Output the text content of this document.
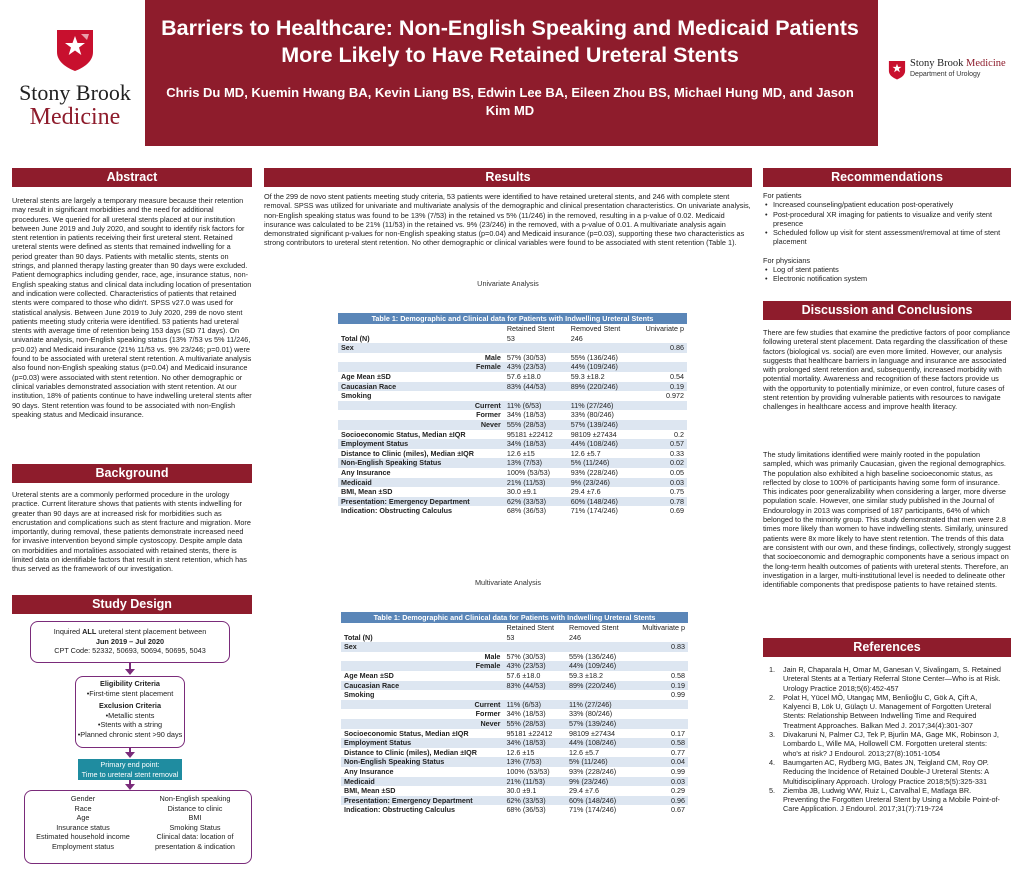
Stony Brook
Medicine
Barriers to Healthcare: Non-English Speaking and Medicaid Patients More Likely to Have Retained Ureteral Stents
Chris Du MD, Kuemin Hwang BA, Kevin Liang BS, Edwin Lee BA, Eileen Zhou BS, Michael Hung MD, and Jason Kim MD
Stony Brook Medicine
Department of Urology
Abstract
Ureteral stents are largely a temporary measure because their retention may result in significant morbidities and the need for additional procedures. We queried for all ureteral stents placed at our institution between June 2019 and July 2020, and sought to identify risk factors for stent retention in patients receiving their first ureteral stent. Retained ureteral stents were defined as stents that remained indwelling for a period greater than 90 days. Patients with metallic stents, stents on strings, and planned therapy lasting greater than 90 days were excluded. Patient demographics including gender, race, age, insurance status, non-English speaking status and clinical data including location of presentation and indication were collected. Characteristics of patients that retained stents were compared to those who didn't. SPSS v27.0 was used for statistical analysis. Between June 2019 to July 2020, 299 de novo stent patients meeting study criteria were identified. 53 patients had ureteral stents with average time of retention being 153 days (SD 71 days). On univariate analysis, non-English speaking status (13% 7/53 vs 5% 11/246, p=0.02) and Medicaid insurance (21% 11/53 vs. 9% 23/246; p=0.01) were found to be associated with ureteral stent retention. A multivariate analysis also found non-English speaking status (p=0.04) and Medicaid insurance (p=0.03) were associated with stent retention. No other demographic or clinical variables demonstrated association with stent retention. At our institution, 18% of patients continue to have indwelling ureteral stents after 90 days. Stent retention was found to be associated with non-English speaking status and Medicaid insurance.
Background
Ureteral stents are a commonly performed procedure in the urology practice. Current literature shows that patients with stents indwelling for greater than 90 days are at increased risk for morbidities such as encrustation and complications such as stent fracture and migration. More importantly, during removal, these patients demonstrate increased need for invasive intervention beyond simple cystoscopy. Despite ample data on morbidities and mortalities associated with retained stents, there is limited data on identifiable factors that result in stent retention, which has thus served as the framework of our investigation.
Study Design
Inquired ALL ureteral stent placement between
Jun 2019 – Jul 2020
CPT Code: 52332, 50693, 50694, 50695, 5043
Eligibility Criteria
•First-time stent placement
Exclusion Criteria
•Metallic stents
•Stents with a string
•Planned chronic stent >90 days
Primary end point:
Time to ureteral stent removal
Gender
Race
Age
Insurance status
Estimated household income
Employment status
Non-English speaking
Distance to clinic
BMI
Smoking Status
Clinical data: location of presentation & indication
Results
Of the 299 de novo stent patients meeting study criteria, 53 patients were identified to have retained ureteral stents, and 246 with complete stent removal. SPSS was utilized for univariate and multivariate analysis of the demographic and clinical presentation characteristics. On univariate analysis, non-English speaking status was found to be 13% (7/53) in the retained vs 5% (11/246) in the removed, resulting in a p-value of 0.02. Medicaid insurance was calculated to be 21% (11/53) in the retained vs. 9% (23/246) in the removed, with a p-value of 0.01. A multivariate analysis again demonstrated significant p-values for non-English speaking status (p=0.04) and Medicaid insurance (p=0.03), supporting these two characteristics as strong contributors to ureteral stent retention. No other demographic or clinical variables were found to be associated with stent retention (Table 1).
Univariate Analysis
Table 1: Demographic and Clinical data for Patients with Indwelling Ureteral Stents			
	Retained Stent	Removed Stent	Univariate p
Total (N)	53	246	
Sex			0.86
Male	57% (30/53)	55% (136/246)	
Female	43% (23/53)	44% (109/246)	
Age Mean ±SD	57.6 ±18.0	59.3 ±18.2	0.54
Caucasian Race	83% (44/53)	89% (220/246)	0.19
Smoking			0.972
Current	11% (6/53)	11% (27/246)	
Former	34% (18/53)	33% (80/246)	
Never	55% (28/53)	57% (139/246)	
Socioeconomic Status, Median ±IQR	95181 ±22412	98109 ±27434	0.2
Employment Status	34% (18/53)	44% (108/246)	0.57
Distance to Clinic (miles), Median ±IQR	12.6 ±15	12.6 ±5.7	0.33
Non-English Speaking Status	13% (7/53)	5% (11/246)	0.02
Any Insurance	100% (53/53)	93% (228/246)	0.05
Medicaid	21% (11/53)	9% (23/246)	0.03
BMI, Mean ±SD	30.0 ±9.1	29.4 ±7.6	0.75
Presentation: Emergency Department	62% (33/53)	60% (148/246)	0.78
Indication: Obstructing Calculus	68% (36/53)	71% (174/246)	0.69
Multivariate Analysis
Table 1: Demographic and Clinical data for Patients with Indwelling Ureteral Stents			
	Retained Stent	Removed Stent	Multivariate p
Total (N)	53	246	
Sex			0.83
Male	57% (30/53)	55% (136/246)	
Female	43% (23/53)	44% (109/246)	
Age Mean ±SD	57.6 ±18.0	59.3 ±18.2	0.58
Caucasian Race	83% (44/53)	89% (220/246)	0.19
Smoking			0.99
Current	11% (6/53)	11% (27/246)	
Former	34% (18/53)	33% (80/246)	
Never	55% (28/53)	57% (139/246)	
Socioeconomic Status, Median ±IQR	95181 ±22412	98109 ±27434	0.17
Employment Status	34% (18/53)	44% (108/246)	0.58
Distance to Clinic (miles), Median ±IQR	12.6 ±15	12.6 ±5.7	0.77
Non-English Speaking Status	13% (7/53)	5% (11/246)	0.04
Any Insurance	100% (53/53)	93% (228/246)	0.99
Medicaid	21% (11/53)	9% (23/246)	0.03
BMI, Mean ±SD	30.0 ±9.1	29.4 ±7.6	0.29
Presentation: Emergency Department	62% (33/53)	60% (148/246)	0.96
Indication: Obstructing Calculus	68% (36/53)	71% (174/246)	0.67
Recommendations
For patients
• Increased counseling/patient education post-operatively
• Post-procedural XR imaging for patients to visualize and verify stent presence
• Scheduled follow up visit for stent assessment/removal at time of stent placement
For physicians
• Log of stent patients
• Electronic notification system
Discussion and Conclusions
There are few studies that examine the predictive factors of poor compliance following ureteral stent placement. Data regarding the classification of these factors (biological vs. social) are even more limited. However, our analysis suggests that healthcare barriers in language and insurance are associated with prolonged stent retention and, subsequently, increased morbidity with potential mortality. Awareness and recognition of these factors provide us with the opportunity to potentially minimize, or even control, future cases of stent retention by providing vulnerable patients with resources to navigate challenges in healthcare access and improve health literacy.
The study limitations identified were mainly rooted in the population sampled, which was primarily Caucasian, given the regional demographics. The population also exhibited a high baseline socioeconomic status, as reflected by close to 100% of participants having some form of insurance. This indicates poor generalizability when considering a larger, more diverse population scale. However, one similar study published in the Journal of Endourology in 2013 was comprised of 187 participants, 64% of which belonged to the minority group. This study demonstrated that men were 2.8 times more likely than women to have indwelling stents. Similarly, uninsured patients were 8x more likely to have stent retention. The trends of this data are consistent with our own, and these findings, collectively, strongly suggest that socioeconomic and demographic components have a serious impact on the long-term health outcomes of patients with ureteral stents. Therefore, an investigation in a larger, multi-institutional level is needed to delineate other identifiable components that predispose patients to have retained stents.
References
1. Jain R, Chaparala H, Omar M, Ganesan V, Sivalingam, S. Retained Ureteral Stents at a Tertiary Referral Stone Center—Who is at Risk. Urology Practice 2018;5(6):452-457
2. Polat H, Yücel MÖ, Utangaç MM, Benlioğlu C, Gök A, Çift A, Kalyenci B, Lök U, Gülaçtı U. Management of Forgotten Ureteral Stents: Relationship Between Indwelling Time and Required Treatment Approaches. Balkan Med J. 2017;34(4):301-307
3. Divakaruni N, Palmer CJ, Tek P, Bjurlin MA, Gage MK, Robinson J, Lombardo L, Wille MA, Hollowell CM. Forgotten ureteral stents: who's at risk? J Endourol. 2013;27(8):1051-1054
4. Baumgarten AC, Rydberg MG, Bates JN, Teigland CM, Roy OP. Reducing the Incidence of Retained Double-J Ureteral Stents: A Multidisciplinary Approach. Urology Practice 2018;5(5):325-331
5. Ziemba JB, Ludwig WW, Ruiz L, Carvalhal E, Matlaga BR. Preventing the Forgotten Ureteral Stent by Using a Mobile Point-of-Care Application. J Endourol. 2017;31(7):719-724
